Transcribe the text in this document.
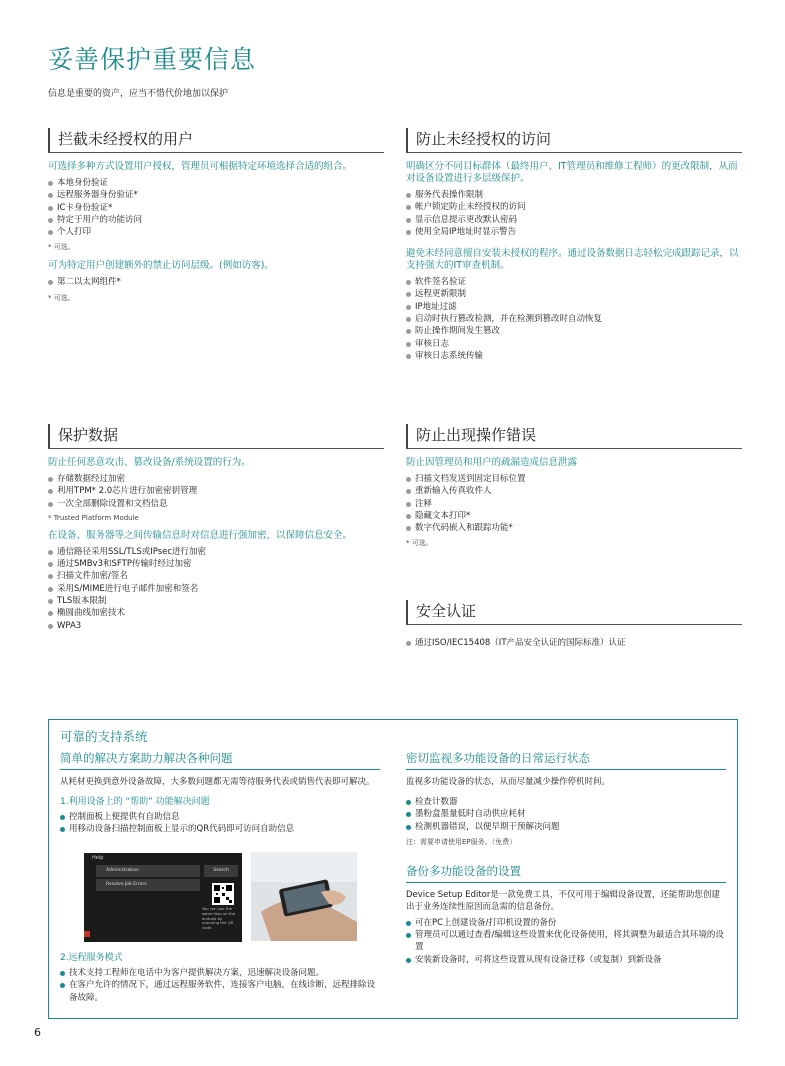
妥善保护重要信息
信息是重要的资产，应当不惜代价地加以保护
拦截未经授权的用户
可选择多种方式设置用户授权，管理员可根据特定环境选择合适的组合。
本地身份验证
远程服务器身份验证*
IC卡身份验证*
特定于用户的功能访问
个人打印
* 可选。
可为特定用户创建额外的禁止访问层级。(例如访客)。
第二以太网组件*
* 可选。
防止未经授权的访问
明确区分不同目标群体（最终用户、IT管理员和维修工程师）的更改限制，从而对设备设置进行多层级保护。
服务代表操作限制
帐户锁定防止未经授权的访问
显示信息提示更改默认密码
使用全局IP地址时显示警告
避免未经同意擅自安装未授权的程序。通过设备数据日志轻松完成跟踪记录，以支持强大的IT审查机制。
软件签名验证
远程更新限制
IP地址过滤
启动时执行篡改检测，并在检测到篡改时自动恢复
防止操作期间发生篡改
审核日志
审核日志系统传输
保护数据
防止任何恶意攻击、篡改设备/系统设置的行为。
存储数据经过加密
利用TPM* 2.0芯片进行加密密钥管理
一次全部删除设置和文档信息
* Trusted Platform Module
在设备、服务器等之间传输信息时对信息进行强加密，以保障信息安全。
通信路径采用SSL/TLS或IPsec进行加密
通过SMBv3和SFTP传输时经过加密
扫描文件加密/签名
采用S/MIME进行电子邮件加密和签名
TLS版本限制
椭圆曲线加密技术
WPA3
防止出现操作错误
防止因管理员和用户的疏漏造成信息泄露
扫描文档发送到固定目标位置
重新输入传真收件人
注释
隐藏文本打印*
数字代码嵌入和跟踪功能*
* 可选。
安全认证
通过ISO/IEC15408（IT产品安全认证的国际标准）认证
可靠的支持系统
简单的解决方案助力解决各种问题
从耗材更换到意外设备故障，大多数问题都无需等待服务代表或销售代表即可解决。
1.利用设备上的 “帮助” 功能解决问题
控制面板上便提供有自助信息
用移动设备扫描控制面板上显示的QR代码即可访问自助信息
Help
Administration
Resolve Job Errors
Search
You can use the same help on the android by scanning the QR code.
2.远程服务模式
技术支持工程师在电话中为客户提供解决方案，迅速解决设备问题。
在客户允许的情况下，通过远程服务软件，连接客户电脑，在线诊断，远程排除设备故障。
密切监视多功能设备的日常运行状态
监视多功能设备的状态，从而尽量减少操作停机时间。
检查计数器
墨粉盒墨量低时自动供应耗材
检测机器错误，以便早期干预解决问题
注：需要申请使用EP服务。（免费）
备份多功能设备的设置
Device Setup Editor是一款免费工具，不仅可用于编辑设备设置，还能帮助您创建出于业务连续性原因而急需的信息备份。
可在PC上创建设备/打印机设置的备份
管理员可以通过查看/编辑这些设置来优化设备使用，将其调整为最适合其环境的设置
安装新设备时，可将这些设置从现有设备迁移（或复制）到新设备
6
